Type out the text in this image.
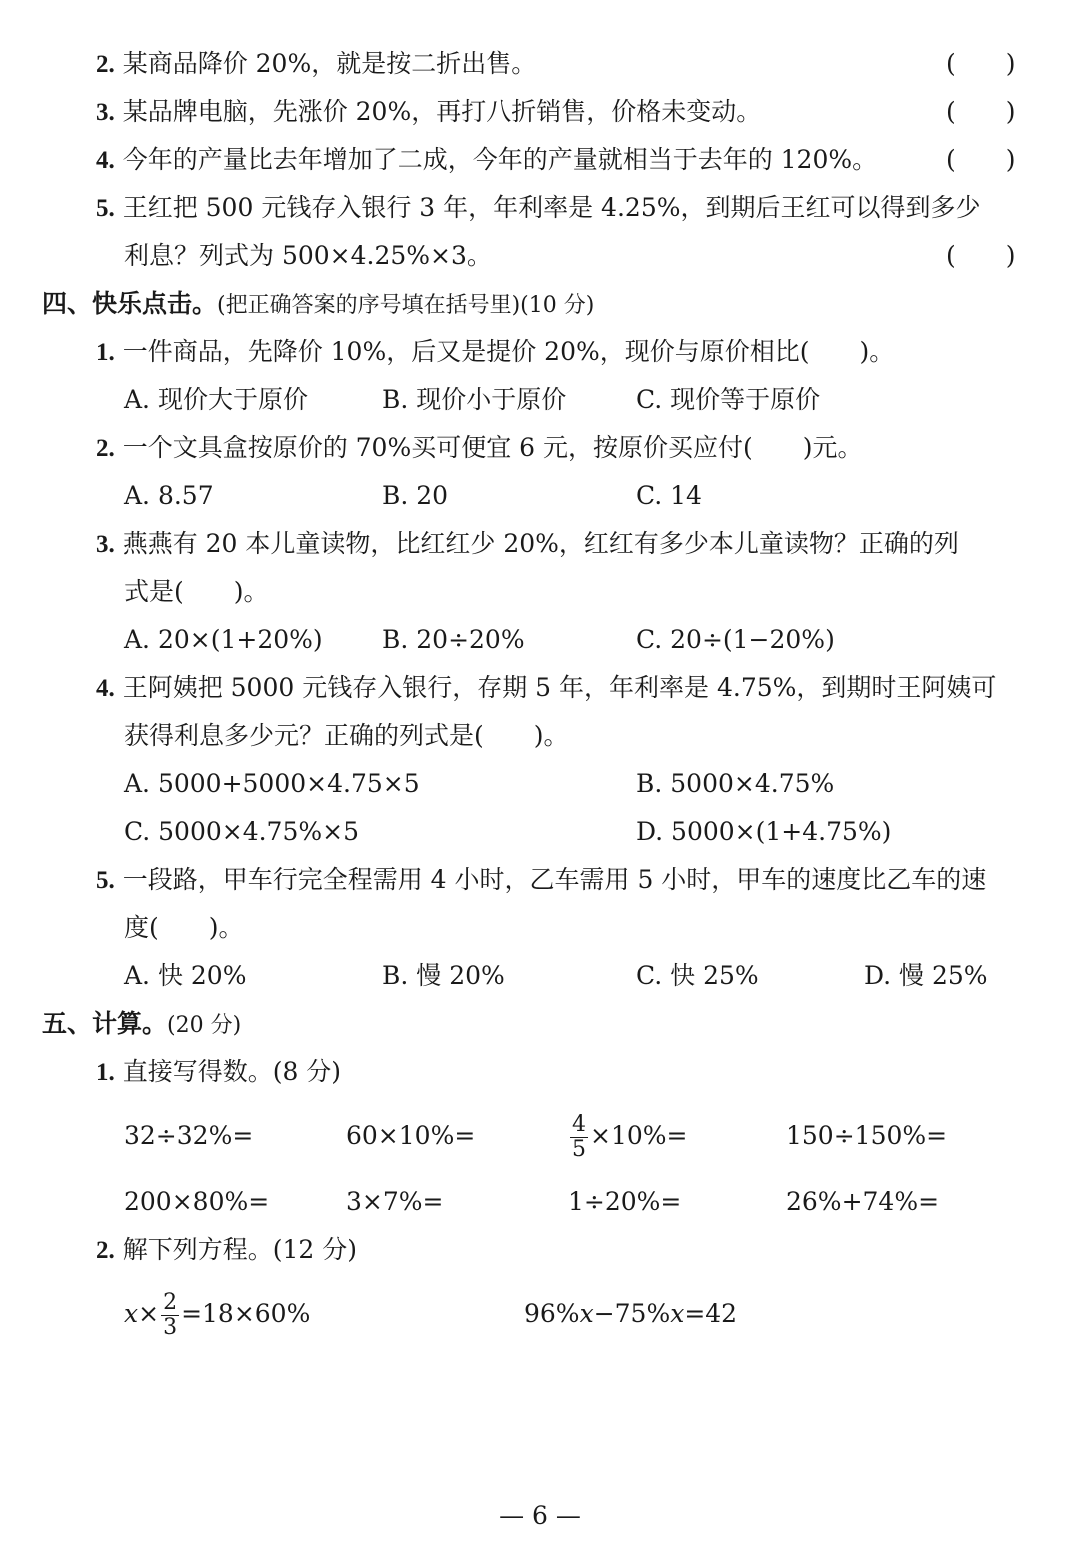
2. 某商品降价 20%，就是按二折出售。	(　　)
3. 某品牌电脑，先涨价 20%，再打八折销售，价格未变动。	(　　)
4. 今年的产量比去年增加了二成，今年的产量就相当于去年的 120%。	(　　)
5. 王红把 500 元钱存入银行 3 年，年利率是 4.25%，到期后王红可以得到多少
利息？列式为 500×4.25%×3。	(　　)
四、快乐点击。(把正确答案的序号填在括号里)(10 分)
1. 一件商品，先降价 10%，后又是提价 20%，现价与原价相比(　　)。
A. 现价大于原价	B. 现价小于原价	C. 现价等于原价
2. 一个文具盒按原价的 70%买可便宜 6 元，按原价买应付(　　)元。
A. 8.57	B. 20	C. 14
3. 燕燕有 20 本儿童读物，比红红少 20%，红红有多少本儿童读物？正确的列
式是(　　)。
A. 20×(1+20%) B. 20÷20%	C. 20÷(1−20%)
4. 王阿姨把 5000 元钱存入银行，存期 5 年，年利率是 4.75%，到期时王阿姨可
获得利息多少元？正确的列式是(　　)。
A. 5000+5000×4.75×5	B. 5000×4.75%
C. 5000×4.75%×5	D. 5000×(1+4.75%)
5. 一段路，甲车行完全程需用 4 小时，乙车需用 5 小时，甲车的速度比乙车的速
度(　　)。
A. 快 20%	B. 慢 20%	C. 快 25%	D. 慢 25%
五、计算。(20 分)
1. 直接写得数。(8 分)
32÷32%=	60×10%=	$\frac{4}{5} \times 10\%=$	150÷150%=
200×80%=	3×7%=	1÷20%=	26%+74%=
2. 解下列方程。(12 分)
$x\times \frac{2}{3} =18\times 60\%$	96%x−75%x=42
— 6 —
